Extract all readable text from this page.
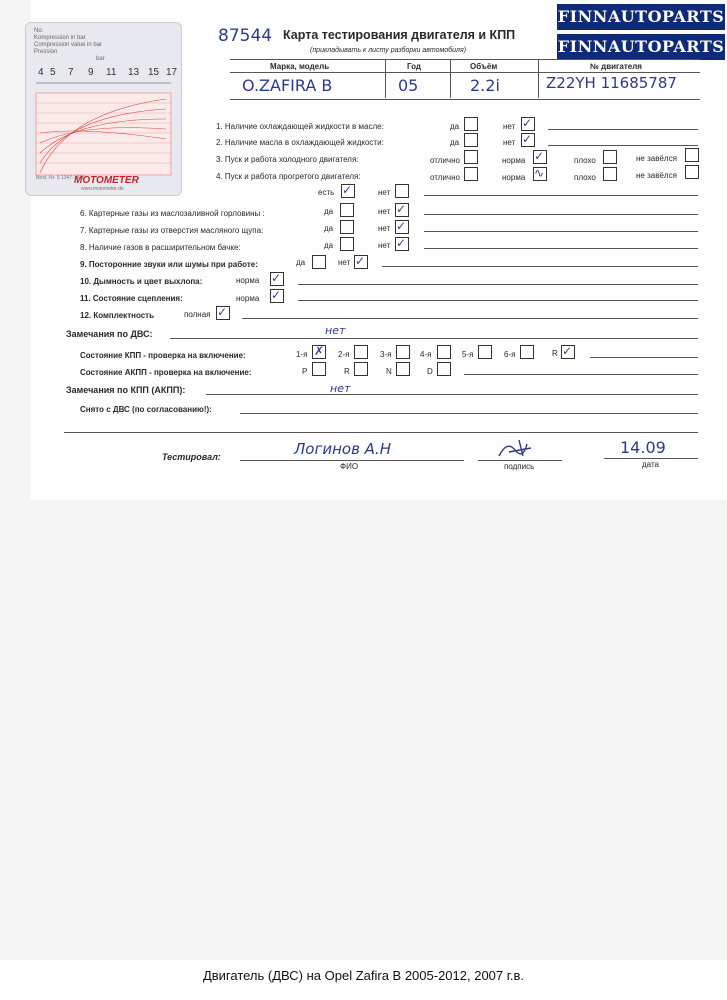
No.
Kompression in bar
Compression value in bar
Pression
bar
4 5 7 9 11 13 15 17
Best.-Nr. 5 1347-1608
MOTOMETER
www.motometer.de
FINNAUTOPARTS
FINNAUTOPARTS
87544 Карта тестирования двигателя и КПП
(прикладывать к листу разборки автомобиля)
Марка, модель	Год	Объём	№ двигателя
O.ZAFIRA B	05	2.2i	Z22YH 11685787
1. Наличие охлаждающей жидкости в масле:	да	нет ✓
2. Наличие масла в охлаждающей жидкости:	да	нет ✓
3. Пуск и работа холодного двигателя:	отлично	норма ✓	плохо	не завёлся
4. Пуск и работа прогретого двигателя:	отлично	норма ∿	плохо	не завёлся
есть ✓	нет
6. Картерные газы из маслозаливной горловины :	да	нет ✓
7. Картерные газы из отверстия масляного щупа:	да	нет ✓
8. Наличие газов в расширительном бачке:	да	нет ✓
9. Посторонние звуки или шумы при работе:	да	нет ✓
10. Дымность и цвет выхлопа:	норма ✓
11. Состояние сцепления:	норма ✓
12. Комплектность	полная ✓
Замечания по ДВС:	нет
Состояние КПП - проверка на включение:	1-я ✗ 2-я	3-я	4-я	5-я	6-я	R ✓
Состояние АКПП - проверка на включение:	P	R	N	D
Замечания по КПП (АКПП):	нет
Снято с ДВС (по согласованию!):
Тестировал:	Логинов А.Н
ФИО	подпись
14.09
дата
Двигатель (ДВС) на Opel Zafira B 2005-2012, 2007 г.в.
